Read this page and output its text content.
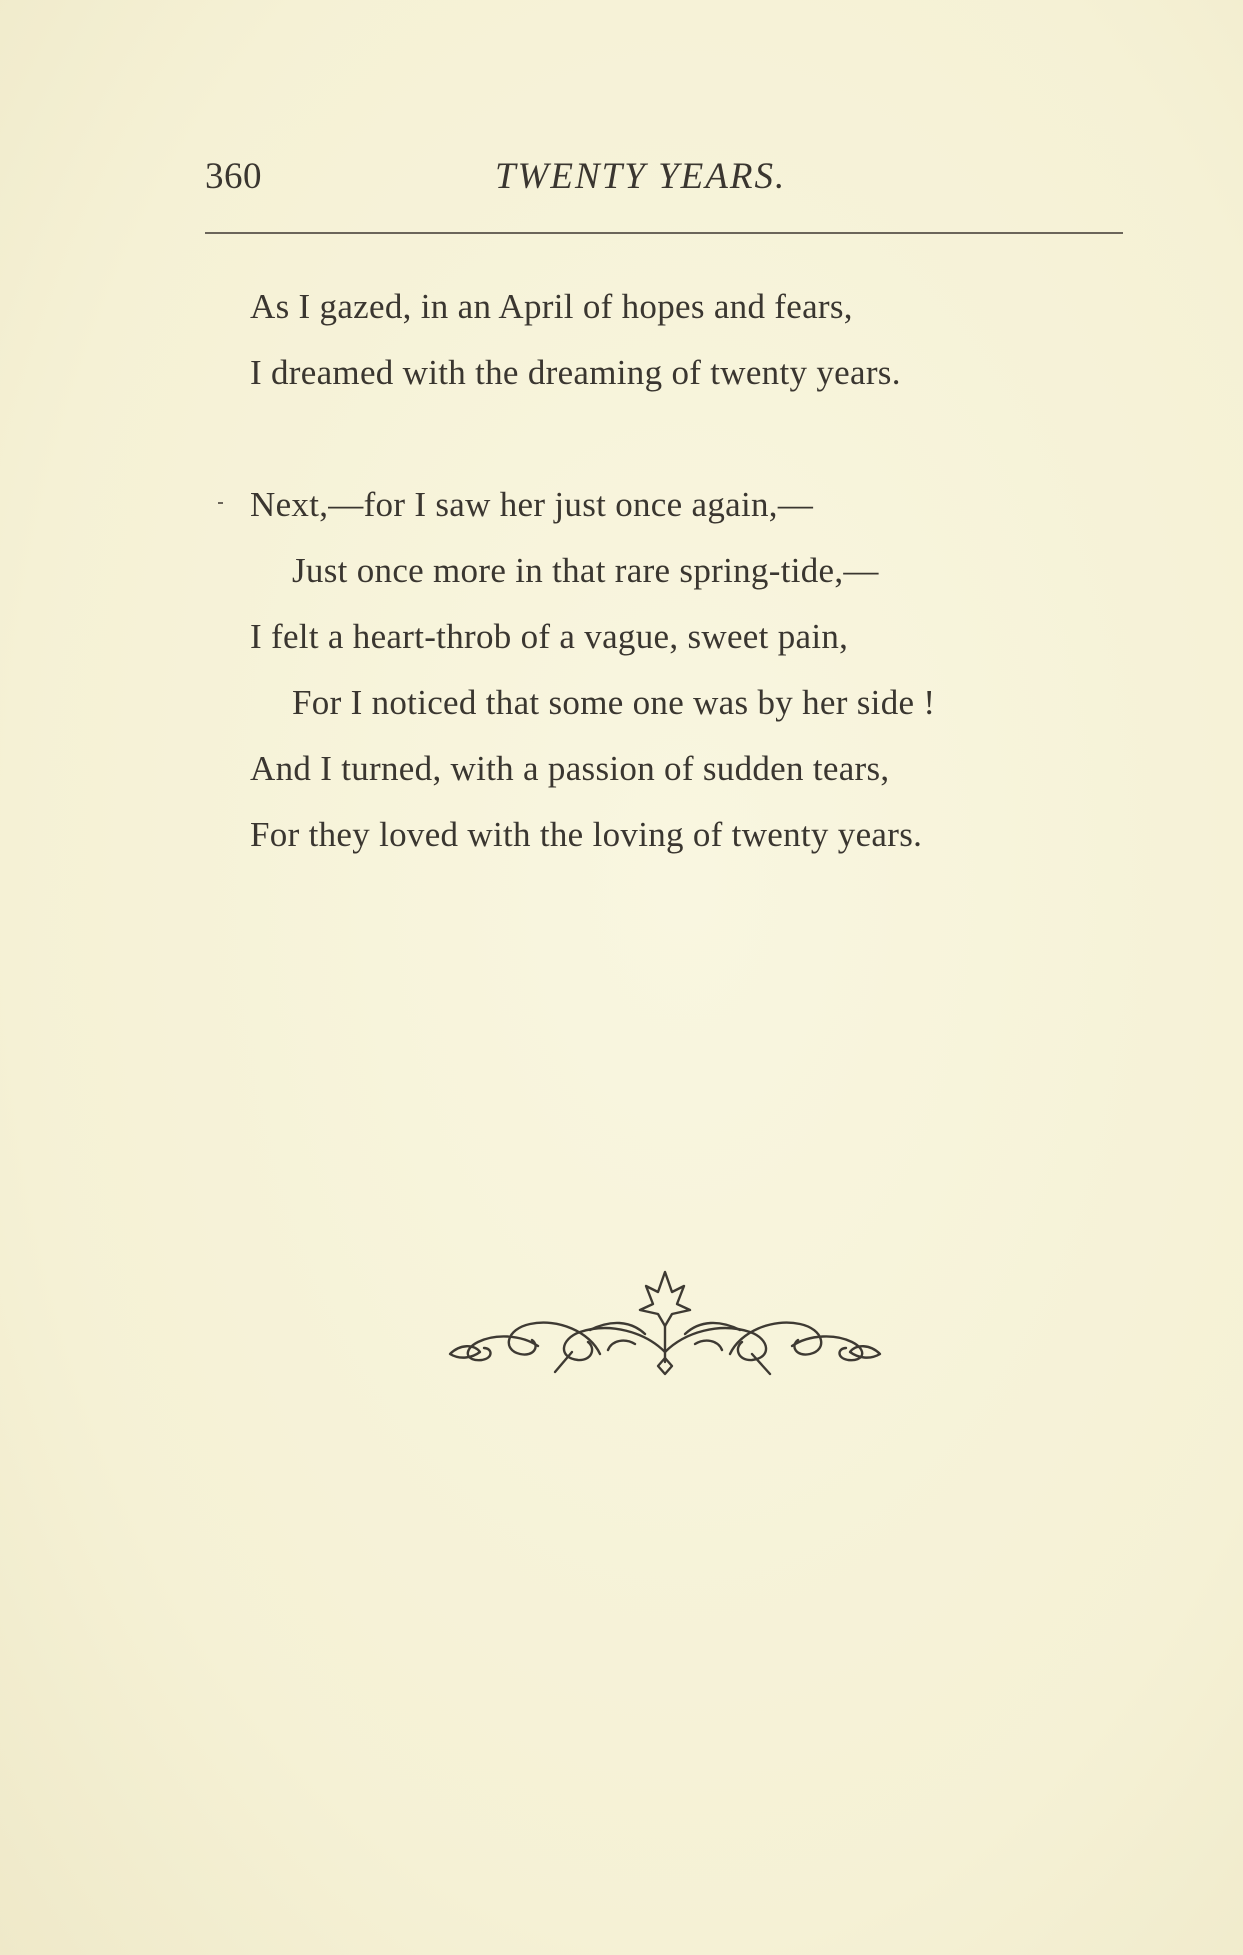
360	TWENTY YEARS.
As I gazed, in an April of hopes and fears,
I dreamed with the dreaming of twenty years.
Next,—for I saw her just once again,—
Just once more in that rare spring-tide,—
I felt a heart-throb of a vague, sweet pain,
For I noticed that some one was by her side !
And I turned, with a passion of sudden tears,
For they loved with the loving of twenty years.
